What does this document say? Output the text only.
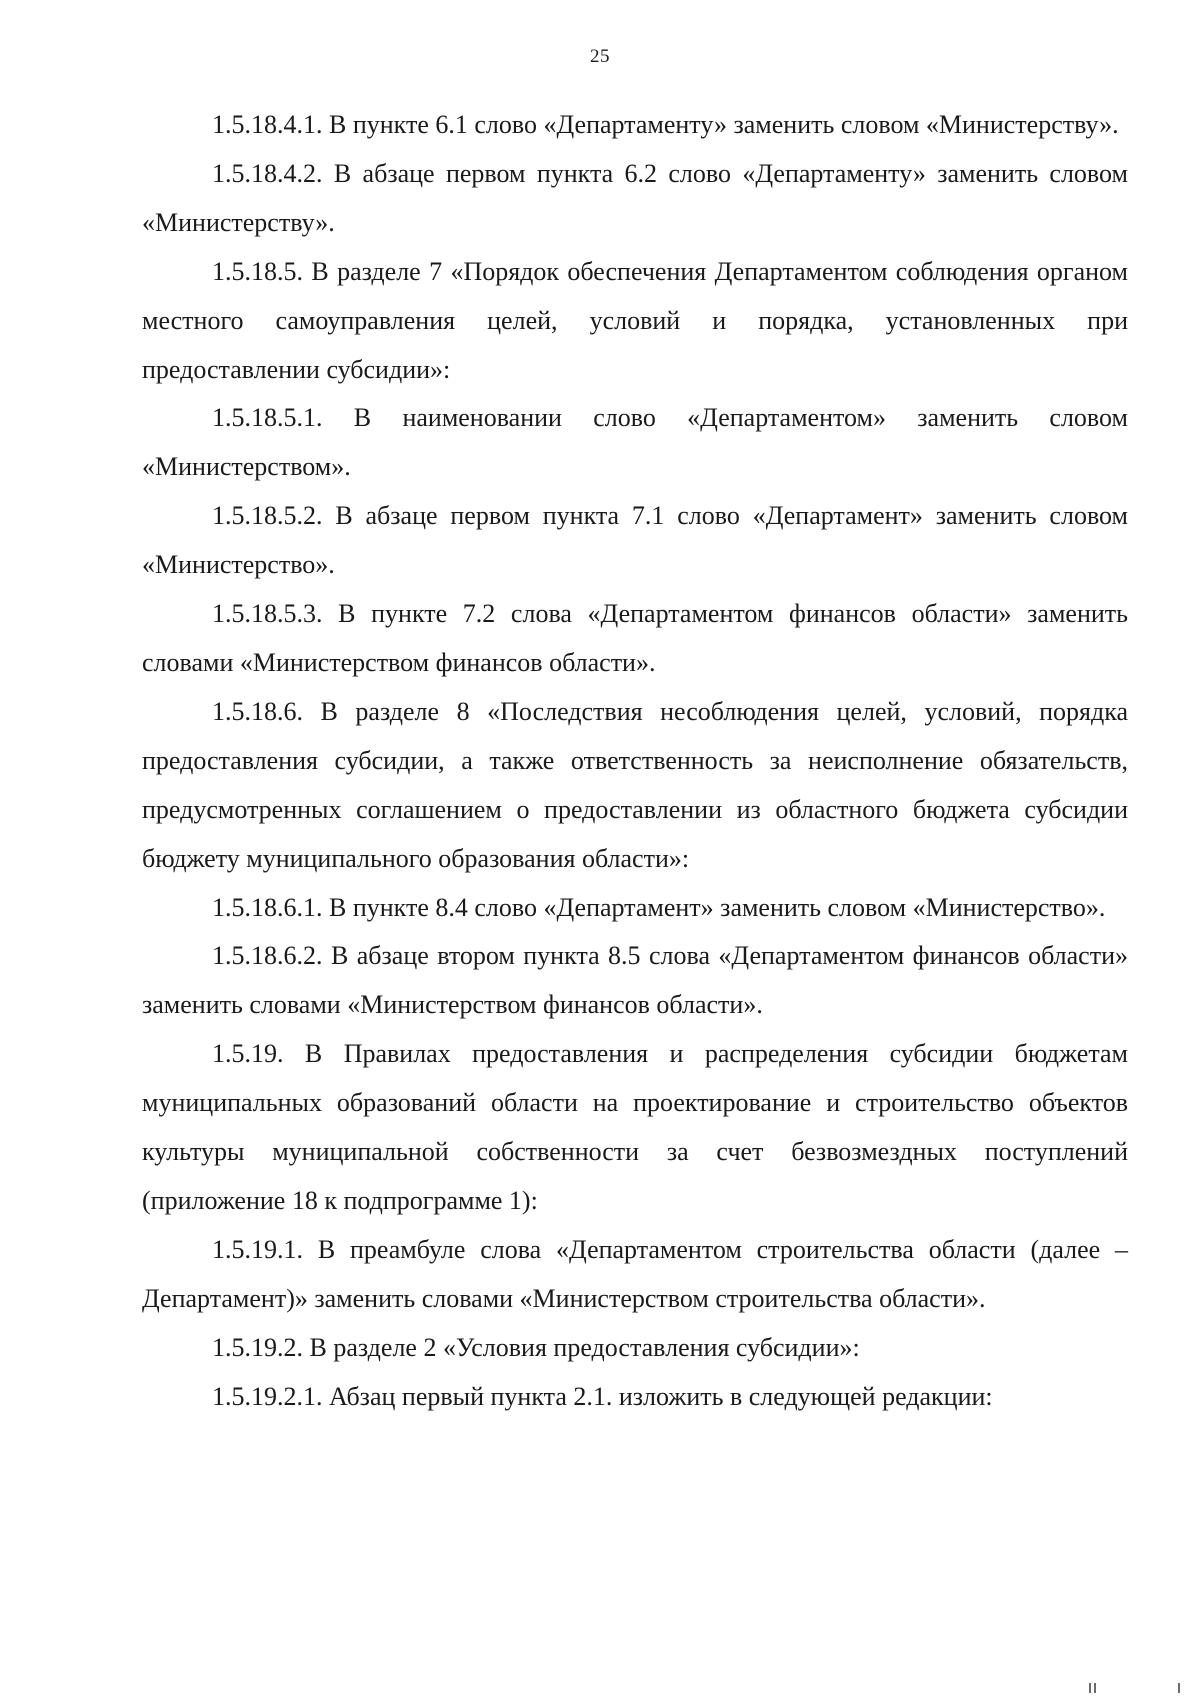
25

1.5.18.4.1. В пункте 6.1 слово «Департаменту» заменить словом «Министерству».

1.5.18.4.2. В абзаце первом пункта 6.2 слово «Департаменту» заменить словом «Министерству».

1.5.18.5. В разделе 7 «Порядок обеспечения Департаментом соблюдения органом местного самоуправления целей, условий и порядка, установленных при предоставлении субсидии»:

1.5.18.5.1. В наименовании слово «Департаментом» заменить словом «Министерством».

1.5.18.5.2. В абзаце первом пункта 7.1 слово «Департамент» заменить словом «Министерство».

1.5.18.5.3. В пункте 7.2 слова «Департаментом финансов области» заменить словами «Министерством финансов области».

1.5.18.6. В разделе 8 «Последствия несоблюдения целей, условий, порядка предоставления субсидии, а также ответственность за неисполнение обязательств, предусмотренных соглашением о предоставлении из областного бюджета субсидии бюджету муниципального образования области»:

1.5.18.6.1. В пункте 8.4 слово «Департамент» заменить словом «Министерство».

1.5.18.6.2. В абзаце втором пункта 8.5 слова «Департаментом финансов области» заменить словами «Министерством финансов области».

1.5.19. В Правилах предоставления и распределения субсидии бюджетам муниципальных образований области на проектирование и строительство объектов культуры муниципальной собственности за счет безвозмездных поступлений (приложение 18 к подпрограмме 1):

1.5.19.1. В преамбуле слова «Департаментом строительства области (далее – Департамент)» заменить словами «Министерством строительства области».

1.5.19.2. В разделе 2 «Условия предоставления субсидии»:

1.5.19.2.1. Абзац первый пункта 2.1. изложить в следующей редакции:
